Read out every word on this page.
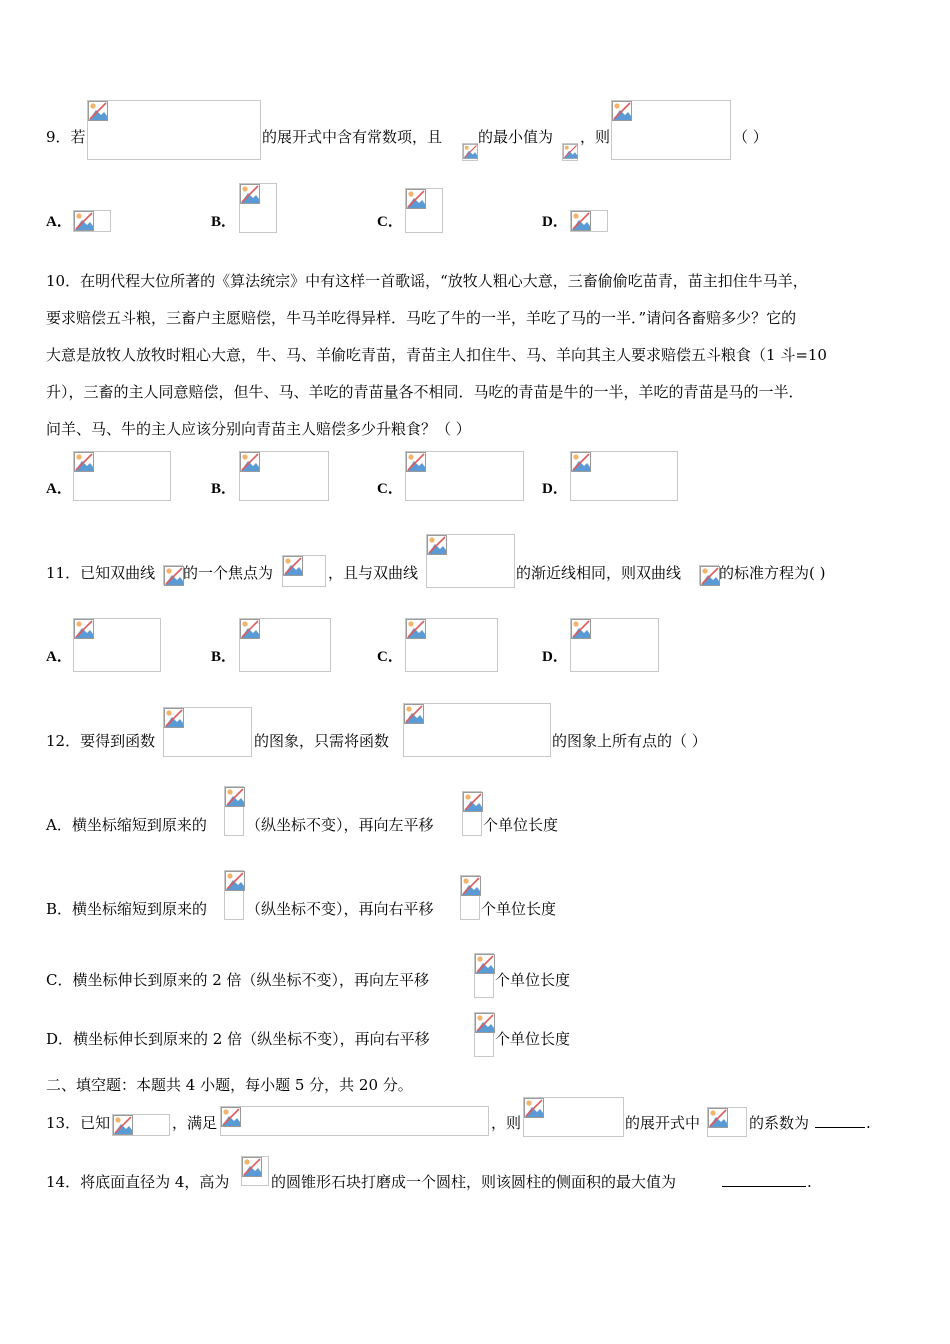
9．若	的展开式中含有常数项，且 的最小值为 ，则	（ ）
A．	B．	C．	D．
10．在明代程大位所著的《算法统宗》中有这样一首歌谣，“放牧人粗心大意，三畜偷偷吃苗青，苗主扣住牛马羊，
要求赔偿五斗粮，三畜户主愿赔偿，牛马羊吃得异样．马吃了牛的一半，羊吃了马的一半．”请问各畜赔多少？它的
大意是放牧人放牧时粗心大意，牛、马、羊偷吃青苗，青苗主人扣住牛、马、羊向其主人要求赔偿五斗粮食（1 斗=10
升），三畜的主人同意赔偿，但牛、马、羊吃的青苗量各不相同．马吃的青苗是牛的一半，羊吃的青苗是马的一半．
问羊、马、牛的主人应该分别向青苗主人赔偿多少升粮食？（ ）
A．	B．	C．	D．
11．已知双曲线 的一个焦点为	，且与双曲线	的渐近线相同，则双曲线	的标准方程为( )
A．	B．	C．	D．
12．要得到函数	的图象，只需将函数	的图象上所有点的（ ）
A．横坐标缩短到原来的	（纵坐标不变），再向左平移	个单位长度
B．横坐标缩短到原来的	（纵坐标不变），再向右平移	个单位长度
C．横坐标伸长到原来的 2 倍（纵坐标不变），再向左平移	个单位长度
D．横坐标伸长到原来的 2 倍（纵坐标不变），再向右平移	个单位长度
二、填空题：本题共 4 小题，每小题 5 分，共 20 分。
13．已知	，满足	，则	的展开式中	的系数为	.
14．将底面直径为 4，高为	的圆锥形石块打磨成一个圆柱，则该圆柱的侧面积的最大值为	.
